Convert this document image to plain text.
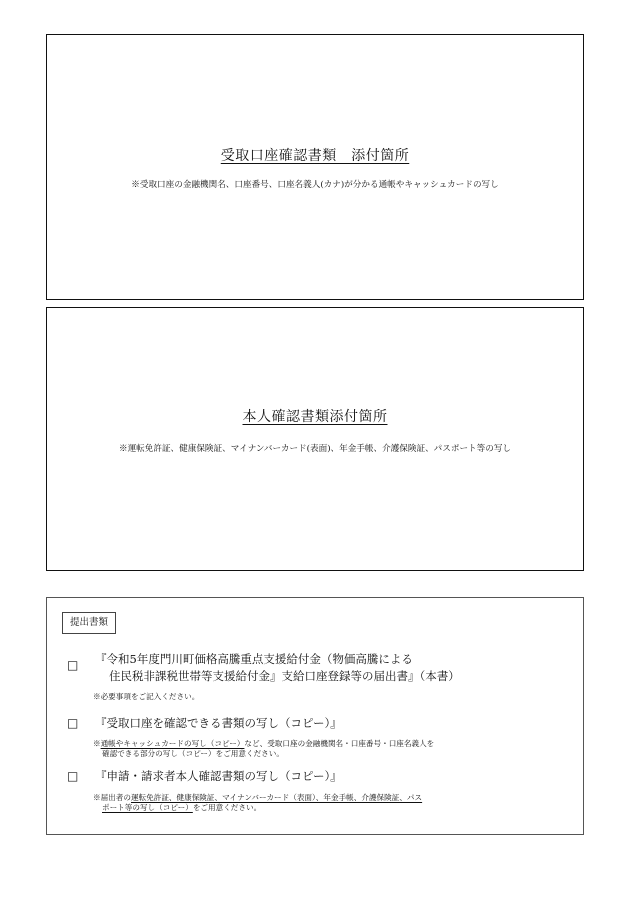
受取口座確認書類　添付箇所
※受取口座の金融機関名、口座番号、口座名義人(カナ)が分かる通帳やキャッシュカードの写し
本人確認書類添付箇所
※運転免許証、健康保険証、マイナンバーカード(表面)、年金手帳、介護保険証、パスポート等の写し
提出書類
□ 『令和5年度門川町価格高騰重点支援給付金（物価高騰による
住民税非課税世帯等支援給付金』支給口座登録等の届出書』（本書）
※必要事項をご記入ください。
□ 『受取口座を確認できる書類の写し（コピー）』
※通帳やキャッシュカードの写し（コピー）など、受取口座の金融機関名・口座番号・口座名義人を
確認できる部分の写し（コピー）をご用意ください。
□ 『申請・請求者本人確認書類の写し（コピー）』
※届出者の運転免許証、健康保険証、マイナンバーカード（表面）、年金手帳、介護保険証、パス
ポート等の写し（コピー）をご用意ください。
